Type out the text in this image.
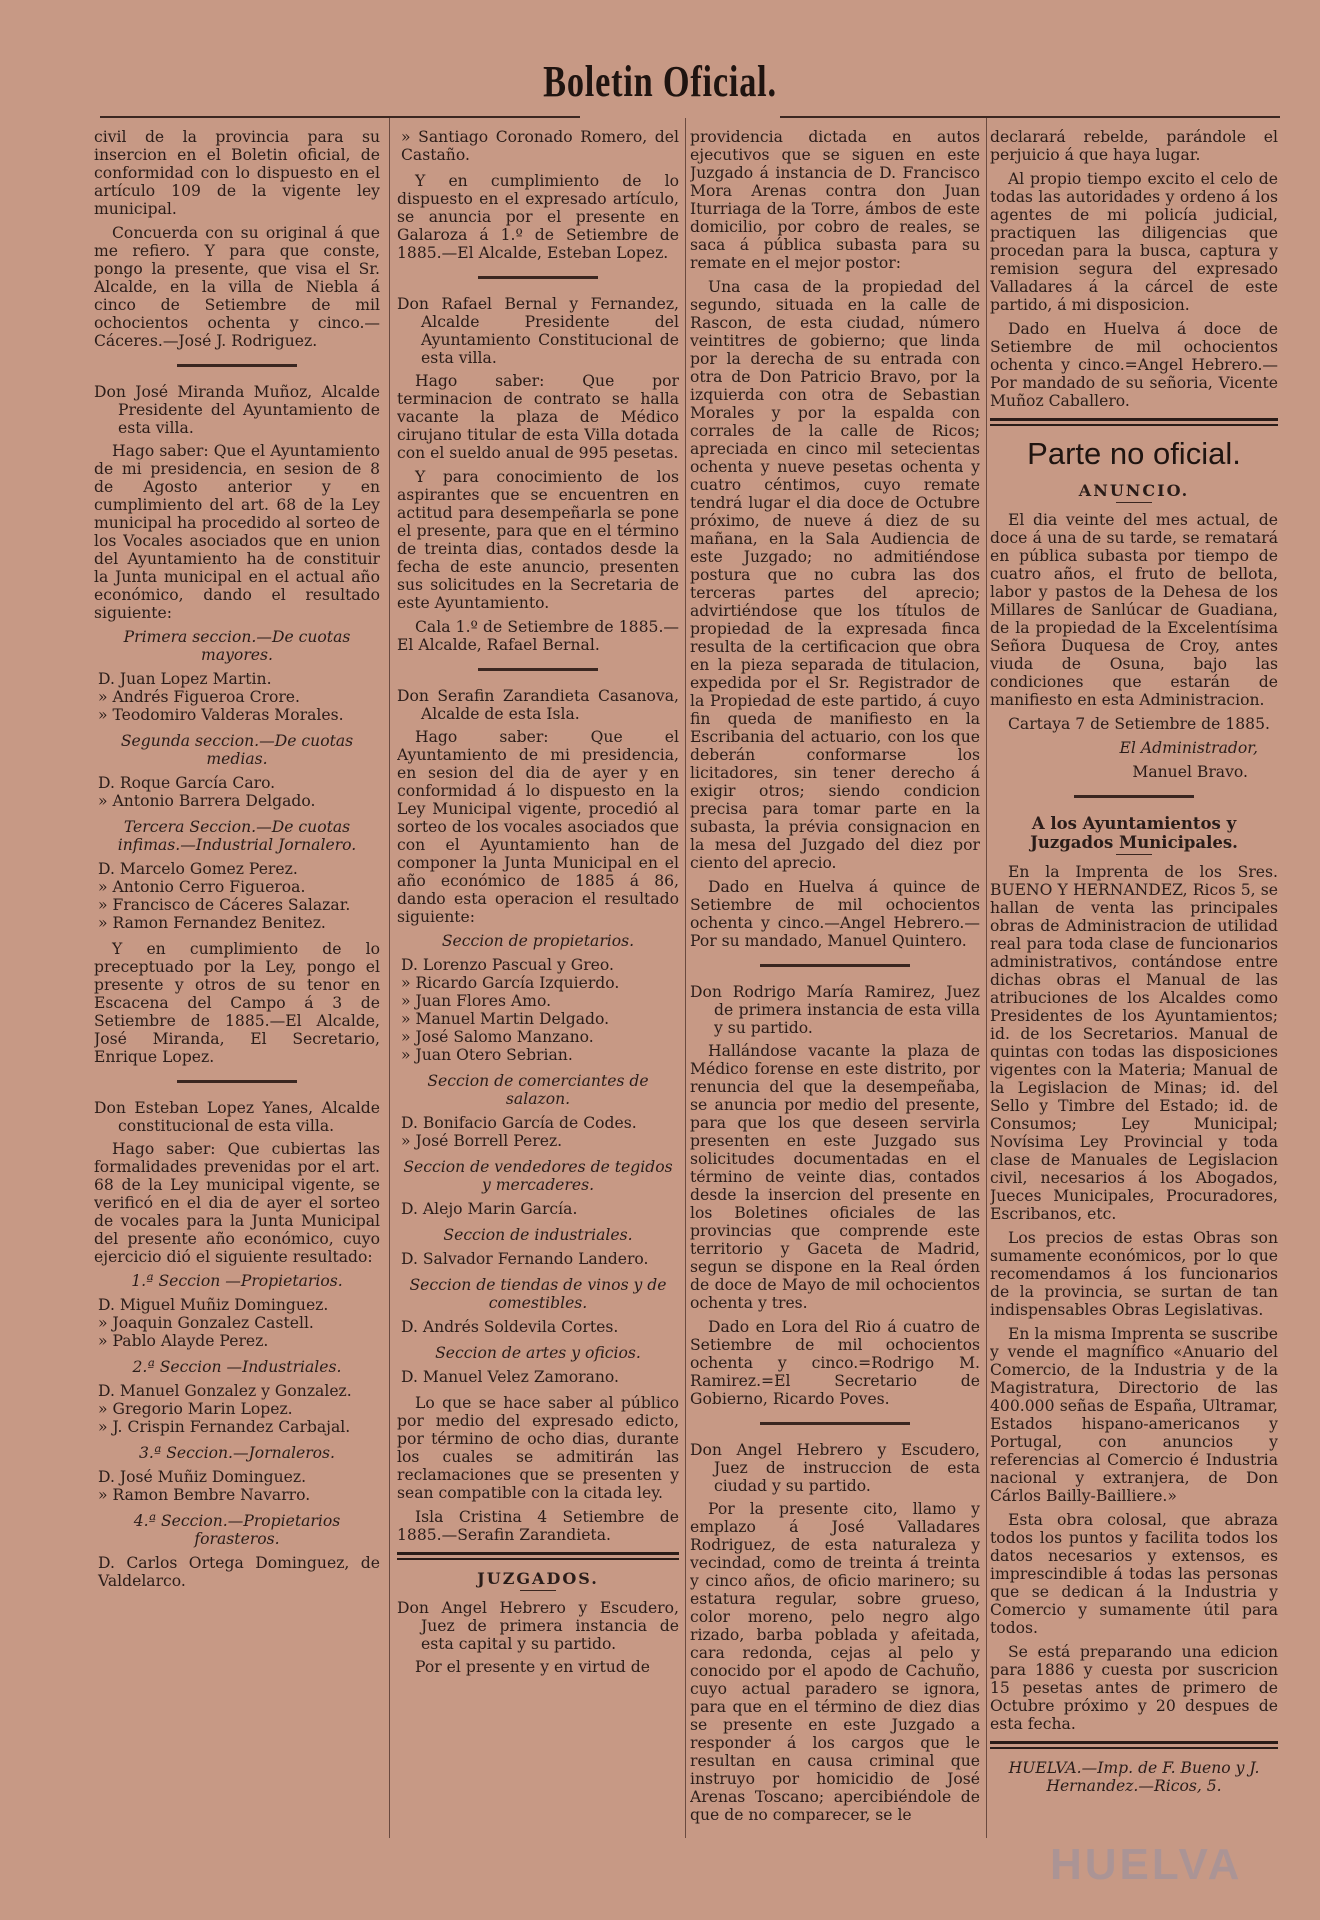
Boletin Oficial.

civil de la provincia para su insercion en el Boletin oficial, de conformidad con lo dispuesto en el artículo 109 de la vigente ley municipal.

Concuerda con su original á que me refiero. Y para que conste, pongo la presente, que visa el Sr. Alcalde, en la villa de Niebla á cinco de Setiembre de mil ochocientos ochenta y cinco.—Cáceres.—José J. Rodriguez.

Don José Miranda Muñoz, Alcalde Presidente del Ayuntamiento de esta villa.

Hago saber: Que el Ayuntamiento de mi presidencia, en sesion de 8 de Agosto anterior y en cumplimiento del art. 68 de la Ley municipal ha procedido al sorteo de los Vocales asociados que en union del Ayuntamiento ha de constituir la Junta municipal en el actual año económico, dando el resultado siguiente:

Primera seccion.—De cuotas mayores.

D. Juan Lopez Martin.
» Andrés Figueroa Crore.
» Teodomiro Valderas Morales.

Segunda seccion.—De cuotas medias.

D. Roque García Caro.
» Antonio Barrera Delgado.

Tercera Seccion.—De cuotas infimas.—Industrial Jornalero.

D. Marcelo Gomez Perez.
» Antonio Cerro Figueroa.
» Francisco de Cáceres Salazar.
» Ramon Fernandez Benitez.

Y en cumplimiento de lo preceptuado por la Ley, pongo el presente y otros de su tenor en Escacena del Campo á 3 de Setiembre de 1885.—El Alcalde, José Miranda, El Secretario, Enrique Lopez.

Don Esteban Lopez Yanes, Alcalde constitucional de esta villa.

Hago saber: Que cubiertas las formalidades prevenidas por el art. 68 de la Ley municipal vigente, se verificó en el dia de ayer el sorteo de vocales para la Junta Municipal del presente año económico, cuyo ejercicio dió el siguiente resultado:

1.ª Seccion —Propietarios.

D. Miguel Muñiz Dominguez.
» Joaquin Gonzalez Castell.
» Pablo Alayde Perez.

2.ª Seccion —Industriales.

D. Manuel Gonzalez y Gonzalez.
» Gregorio Marin Lopez.
» J. Crispin Fernandez Carbajal.

3.ª Seccion.—Jornaleros.

D. José Muñiz Dominguez.
» Ramon Bembre Navarro.

4.ª Seccion.—Propietarios forasteros.

D. Carlos Ortega Dominguez, de Valdelarco.
» Santiago Coronado Romero, del Castaño.

Y en cumplimiento de lo dispuesto en el expresado artículo, se anuncia por el presente en Galaroza á 1.º de Setiembre de 1885.—El Alcalde, Esteban Lopez.

Don Rafael Bernal y Fernandez, Alcalde Presidente del Ayuntamiento Constitucional de esta villa.

Hago saber: Que por terminacion de contrato se halla vacante la plaza de Médico cirujano titular de esta Villa dotada con el sueldo anual de 995 pesetas.

Y para conocimiento de los aspirantes que se encuentren en actitud para desempeñarla se pone el presente, para que en el término de treinta dias, contados desde la fecha de este anuncio, presenten sus solicitudes en la Secretaria de este Ayuntamiento.

Cala 1.º de Setiembre de 1885.—El Alcalde, Rafael Bernal.

Don Serafin Zarandieta Casanova, Alcalde de esta Isla.

Hago saber: Que el Ayuntamiento de mi presidencia, en sesion del dia de ayer y en conformidad á lo dispuesto en la Ley Municipal vigente, procedió al sorteo de los vocales asociados que con el Ayuntamiento han de componer la Junta Municipal en el año económico de 1885 á 86, dando esta operacion el resultado siguiente:

Seccion de propietarios.

D. Lorenzo Pascual y Greo.
» Ricardo García Izquierdo.
» Juan Flores Amo.
» Manuel Martin Delgado.
» José Salomo Manzano.
» Juan Otero Sebrian.

Seccion de comerciantes de salazon.

D. Bonifacio García de Codes.
» José Borrell Perez.

Seccion de vendedores de tegidos y mercaderes.

D. Alejo Marin García.

Seccion de industriales.

D. Salvador Fernando Landero.

Seccion de tiendas de vinos y de comestibles.

D. Andrés Soldevila Cortes.

Seccion de artes y oficios.

D. Manuel Velez Zamorano.

Lo que se hace saber al público por medio del expresado edicto, por término de ocho dias, durante los cuales se admitirán las reclamaciones que se presenten y sean compatible con la citada ley.

Isla Cristina 4 Setiembre de 1885.—Serafin Zarandieta.

JUZGADOS.

Don Angel Hebrero y Escudero, Juez de primera instancia de esta capital y su partido.

Por el presente y en virtud de

providencia dictada en autos ejecutivos que se siguen en este Juzgado á instancia de D. Francisco Mora Arenas contra don Juan Iturriaga de la Torre, ámbos de este domicilio, por cobro de reales, se saca á pública subasta para su remate en el mejor postor:

Una casa de la propiedad del segundo, situada en la calle de Rascon, de esta ciudad, número veintitres de gobierno; que linda por la derecha de su entrada con otra de Don Patricio Bravo, por la izquierda con otra de Sebastian Morales y por la espalda con corrales de la calle de Ricos; apreciada en cinco mil setecientas ochenta y nueve pesetas ochenta y cuatro céntimos, cuyo remate tendrá lugar el dia doce de Octubre próximo, de nueve á diez de su mañana, en la Sala Audiencia de este Juzgado; no admitiéndose postura que no cubra las dos terceras partes del aprecio; advirtiéndose que los títulos de propiedad de la expresada finca resulta de la certificacion que obra en la pieza separada de titulacion, expedida por el Sr. Registrador de la Propiedad de este partido, á cuyo fin queda de manifiesto en la Escribania del actuario, con los que deberán conformarse los licitadores, sin tener derecho á exigir otros; siendo condicion precisa para tomar parte en la subasta, la prévia consignacion en la mesa del Juzgado del diez por ciento del aprecio.

Dado en Huelva á quince de Setiembre de mil ochocientos ochenta y cinco.—Angel Hebrero.—Por su mandado, Manuel Quintero.

Don Rodrigo María Ramirez, Juez de primera instancia de esta villa y su partido.

Hallándose vacante la plaza de Médico forense en este distrito, por renuncia del que la desempeñaba, se anuncia por medio del presente, para que los que deseen servirla presenten en este Juzgado sus solicitudes documentadas en el término de veinte dias, contados desde la insercion del presente en los Boletines oficiales de las provincias que comprende este territorio y Gaceta de Madrid, segun se dispone en la Real órden de doce de Mayo de mil ochocientos ochenta y tres.

Dado en Lora del Rio á cuatro de Setiembre de mil ochocientos ochenta y cinco.=Rodrigo M. Ramirez.=El Secretario de Gobierno, Ricardo Poves.

Don Angel Hebrero y Escudero, Juez de instruccion de esta ciudad y su partido.

Por la presente cito, llamo y emplazo á José Valladares Rodriguez, de esta naturaleza y vecindad, como de treinta á treinta y cinco años, de oficio marinero; su estatura regular, sobre grueso, color moreno, pelo negro algo rizado, barba poblada y afeitada, cara redonda, cejas al pelo y conocido por el apodo de Cachuño, cuyo actual paradero se ignora, para que en el término de diez dias se presente en este Juzgado a responder á los cargos que le resultan en causa criminal que instruyo por homicidio de José Arenas Toscano; apercibiéndole de que de no comparecer, se le

declarará rebelde, parándole el perjuicio á que haya lugar.

Al propio tiempo excito el celo de todas las autoridades y ordeno á los agentes de mi policía judicial, practiquen las diligencias que procedan para la busca, captura y remision segura del expresado Valladares á la cárcel de este partido, á mi disposicion.

Dado en Huelva á doce de Setiembre de mil ochocientos ochenta y cinco.=Angel Hebrero.—Por mandado de su señoria, Vicente Muñoz Caballero.

Parte no oficial.

ANUNCIO.

El dia veinte del mes actual, de doce á una de su tarde, se rematará en pública subasta por tiempo de cuatro años, el fruto de bellota, labor y pastos de la Dehesa de los Millares de Sanlúcar de Guadiana, de la propiedad de la Excelentísima Señora Duquesa de Croy, antes viuda de Osuna, bajo las condiciones que estarán de manifiesto en esta Administracion.

Cartaya 7 de Setiembre de 1885.

El Administrador,

Manuel Bravo.

A los Ayuntamientos y Juzgados Municipales.

En la Imprenta de los Sres. BUENO Y HERNANDEZ, Ricos 5, se hallan de venta las principales obras de Administracion de utilidad real para toda clase de funcionarios administrativos, contándose entre dichas obras el Manual de las atribuciones de los Alcaldes como Presidentes de los Ayuntamientos; id. de los Secretarios. Manual de quintas con todas las disposiciones vigentes con la Materia; Manual de la Legislacion de Minas; id. del Sello y Timbre del Estado; id. de Consumos; Ley Municipal; Novísima Ley Provincial y toda clase de Manuales de Legislacion civil, necesarios á los Abogados, Jueces Municipales, Procuradores, Escribanos, etc.

Los precios de estas Obras son sumamente económicos, por lo que recomendamos á los funcionarios de la provincia, se surtan de tan indispensables Obras Legislativas.

En la misma Imprenta se suscribe y vende el magnífico «Anuario del Comercio, de la Industria y de la Magistratura, Directorio de las 400.000 señas de España, Ultramar, Estados hispano-americanos y Portugal, con anuncios y referencias al Comercio é Industria nacional y extranjera, de Don Cárlos Bailly-Bailliere.»

Esta obra colosal, que abraza todos los puntos y facilita todos los datos necesarios y extensos, es imprescindible á todas las personas que se dedican á la Industria y Comercio y sumamente útil para todos.

Se está preparando una edicion para 1886 y cuesta por suscricion 15 pesetas antes de primero de Octubre próximo y 20 despues de esta fecha.

HUELVA.—Imp. de F. Bueno y J. Hernandez.—Ricos, 5.

HUELVA
